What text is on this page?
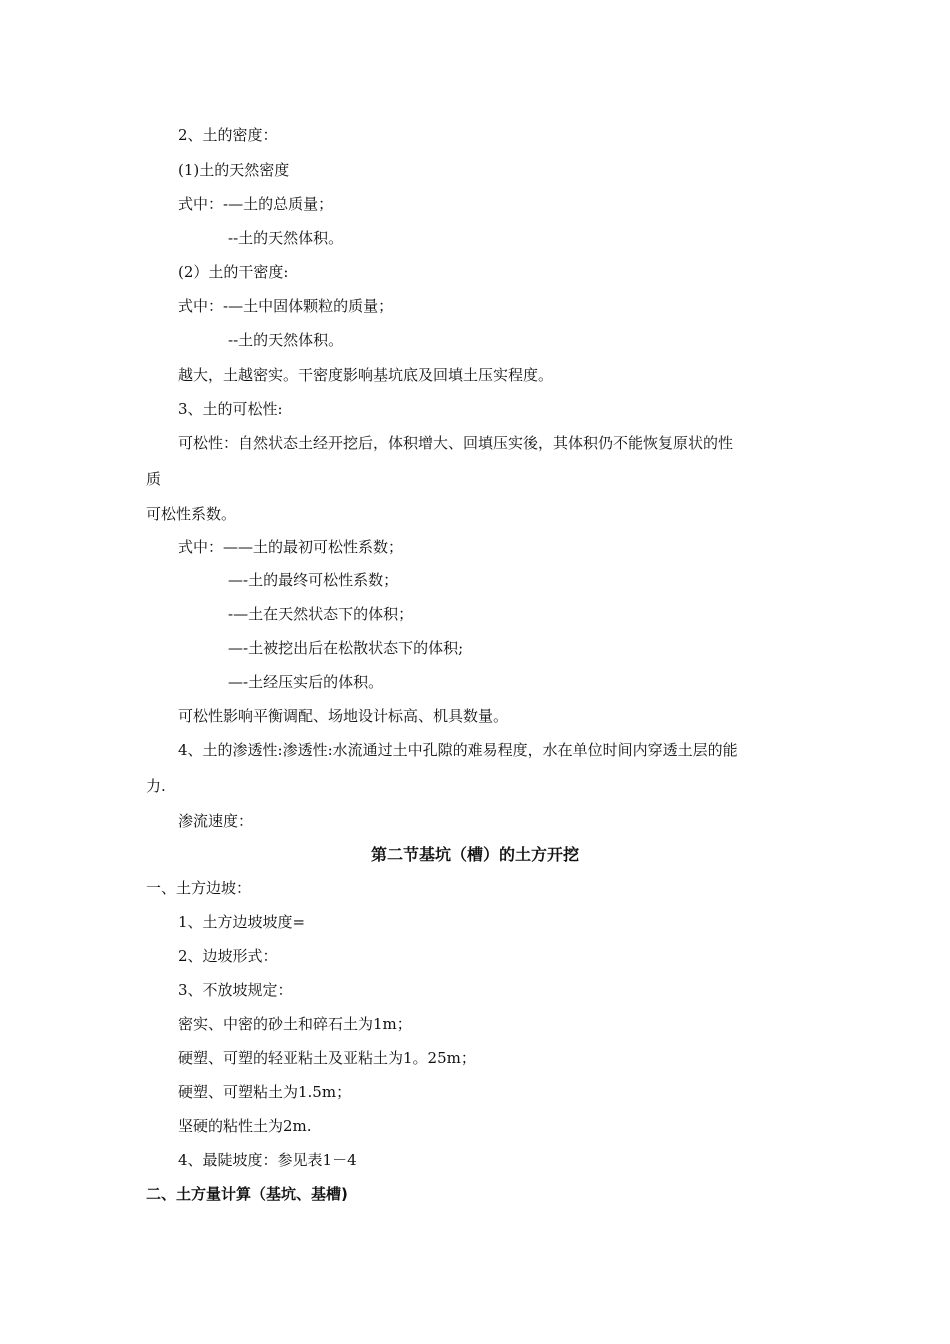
2、土的密度：
(1)土的天然密度
式中：-—土的总质量；
--土的天然体积。
(2）土的干密度:
式中：-—土中固体颗粒的质量；
--土的天然体积。
越大，土越密实。干密度影响基坑底及回填土压实程度。
3、土的可松性:
可松性：自然状态土经开挖后，体积增大、回填压实後，其体积仍不能恢复原状的性
质
可松性系数。
式中：——土的最初可松性系数；
—-土的最终可松性系数；
-—土在天然状态下的体积；
—-土被挖出后在松散状态下的体积;
—-土经压实后的体积。
可松性影响平衡调配、场地设计标高、机具数量。
4、土的渗透性:渗透性:水流通过土中孔隙的难易程度，水在单位时间内穿透土层的能
力.
渗流速度：
第二节基坑（槽）的土方开挖
一、土方边坡：
1、土方边坡坡度=
2、边坡形式：
3、不放坡规定：
密实、中密的砂土和碎石土为1m；
硬塑、可塑的轻亚粘土及亚粘土为1。25m；
硬塑、可塑粘土为1.5m；
坚硬的粘性土为2m.
4、最陡坡度：参见表1－4
二、土方量计算（基坑、基槽)
